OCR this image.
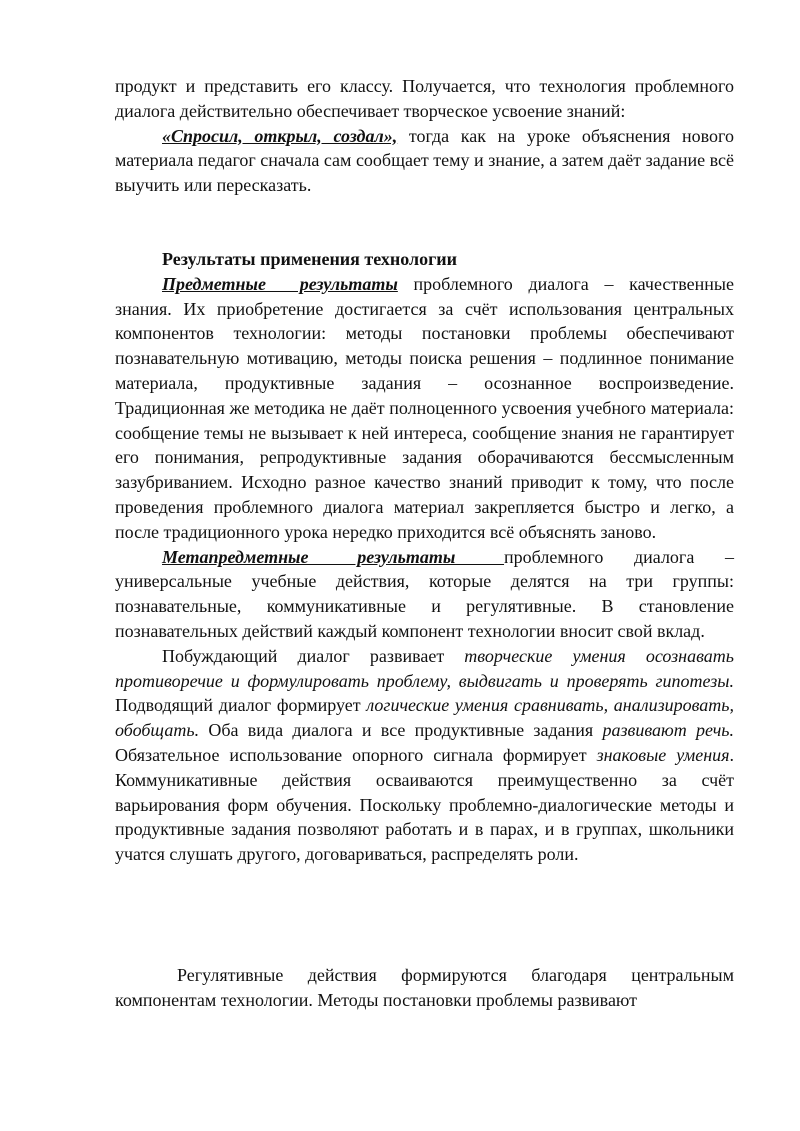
продукт и представить его классу. Получается, что технология проблемного диалога действительно обеспечивает творческое усвоение знаний:

«Спросил, открыл, создал», тогда как на уроке объяснения нового материала педагог сначала сам сообщает тему и знание, а затем даёт задание всё выучить или пересказать.

Результаты применения технологии

Предметные результаты проблемного диалога – качественные знания. Их приобретение достигается за счёт использования центральных компонентов технологии: методы постановки проблемы обеспечивают познавательную мотивацию, методы поиска решения – подлинное понимание материала, продуктивные задания – осознанное воспроизведение. Традиционная же методика не даёт полноценного усвоения учебного материала: сообщение темы не вызывает к ней интереса, сообщение знания не гарантирует его понимания, репродуктивные задания оборачиваются бессмысленным зазубриванием. Исходно разное качество знаний приводит к тому, что после проведения проблемного диалога материал закрепляется быстро и легко, а после традиционного урока нередко приходится всё объяснять заново.

Метапредметные результаты проблемного диалога – универсальные учебные действия, которые делятся на три группы: познавательные, коммуникативные и регулятивные. В становление познавательных действий каждый компонент технологии вносит свой вклад.

Побуждающий диалог развивает творческие умения осознавать противоречие и формулировать проблему, выдвигать и проверять гипотезы. Подводящий диалог формирует логические умения сравнивать, анализировать, обобщать. Оба вида диалога и все продуктивные задания развивают речь. Обязательное использование опорного сигнала формирует знаковые умения. Коммуникативные действия осваиваются преимущественно за счёт варьирования форм обучения. Поскольку проблемно-диалогические методы и продуктивные задания позволяют работать и в парах, и в группах, школьники учатся слушать другого, договариваться, распределять роли.

Регулятивные действия формируются благодаря центральным компонентам технологии. Методы постановки проблемы развивают
